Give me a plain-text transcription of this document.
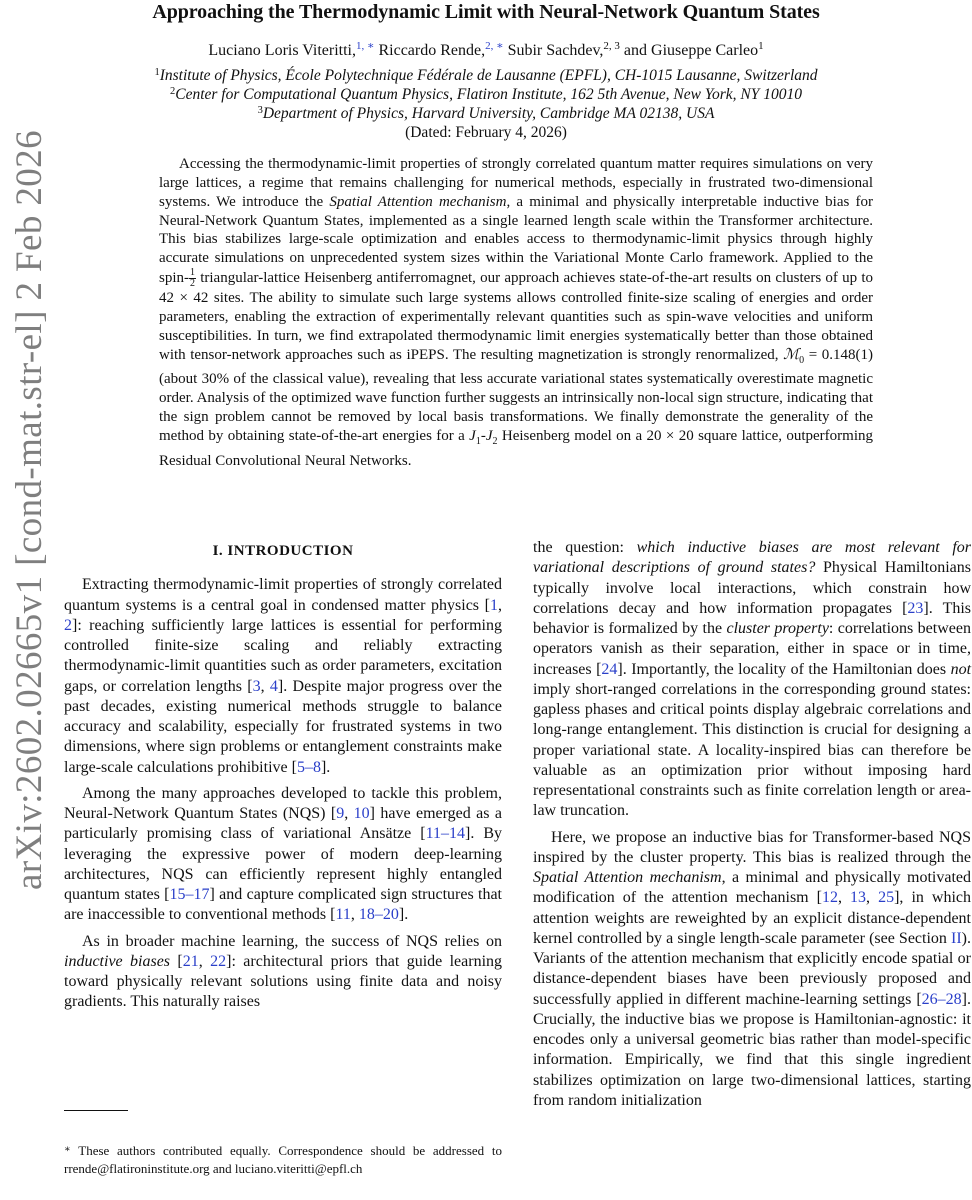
arXiv:2602.02665v1 [cond-mat.str-el] 2 Feb 2026
Approaching the Thermodynamic Limit with Neural-Network Quantum States
Luciano Loris Viteritti,$^{1, ∗}$ Riccardo Rende,$^{2, ∗}$ Subir Sachdev,$^{2, 3}$ and Giuseppe Carleo$^1$
$^1$Institute of Physics, École Polytechnique Fédérale de Lausanne (EPFL), CH-1015 Lausanne, Switzerland
$^2$Center for Computational Quantum Physics, Flatiron Institute, 162 5th Avenue, New York, NY 10010
$^3$Department of Physics, Harvard University, Cambridge MA 02138, USA
(Dated: February 4, 2026)
Accessing the thermodynamic-limit properties of strongly correlated quantum matter requires simulations on very large lattices, a regime that remains challenging for numerical methods, especially in frustrated two-dimensional systems. We introduce the Spatial Attention mechanism, a minimal and physically interpretable inductive bias for Neural-Network Quantum States, implemented as a single learned length scale within the Transformer architecture. This bias stabilizes large-scale optimization and enables access to thermodynamic-limit physics through highly accurate simulations on unprecedented system sizes within the Variational Monte Carlo framework. Applied to the spin- $\frac{1}{2}$ triangular-lattice Heisenberg antiferromagnet, our approach achieves state-of-the-art results on clusters of up to 42 × 42 sites. The ability to simulate such large systems allows controlled finite-size scaling of energies and order parameters, enabling the extraction of experimentally relevant quantities such as spin-wave velocities and uniform susceptibilities. In turn, we find extrapolated thermodynamic limit energies systematically better than those obtained with tensor-network approaches such as iPEPS. The resulting magnetization is strongly renormalized, ℳ$_0$ = 0.148(1) (about 30% of the classical value), revealing that less accurate variational states systematically overestimate magnetic order. Analysis of the optimized wave function further suggests an intrinsically non-local sign structure, indicating that the sign problem cannot be removed by local basis transformations. We finally demonstrate the generality of the method by obtaining state-of-the-art energies for a $J_1-J_2$ Heisenberg model on a 20 × 20 square lattice, outperforming Residual Convolutional Neural Networks.
I. INTRODUCTION

Extracting thermodynamic-limit properties of strongly correlated quantum systems is a central goal in condensed matter physics [1, 2]: reaching sufficiently large lattices is essential for performing controlled finite-size scaling and reliably extracting thermodynamic-limit quantities such as order parameters, excitation gaps, or correlation lengths [3, 4]. Despite major progress over the past decades, existing numerical methods struggle to balance accuracy and scalability, especially for frustrated systems in two dimensions, where sign problems or entanglement constraints make large-scale calculations prohibitive [5–8].

Among the many approaches developed to tackle this problem, Neural-Network Quantum States (NQS) [9, 10] have emerged as a particularly promising class of variational Ansätze [11–14]. By leveraging the expressive power of modern deep-learning architectures, NQS can efficiently represent highly entangled quantum states [15–17] and capture complicated sign structures that are inaccessible to conventional methods [11, 18–20].

As in broader machine learning, the success of NQS relies on inductive biases [21, 22]: architectural priors that guide learning toward physically relevant solutions using finite data and noisy gradients. This naturally raises

the question: which inductive biases are most relevant for variational descriptions of ground states? Physical Hamiltonians typically involve local interactions, which constrain how correlations decay and how information propagates [23]. This behavior is formalized by the cluster property: correlations between operators vanish as their separation, either in space or in time, increases [24]. Importantly, the locality of the Hamiltonian does not imply short-ranged correlations in the corresponding ground states: gapless phases and critical points display algebraic correlations and long-range entanglement. This distinction is crucial for designing a proper variational state. A locality-inspired bias can therefore be valuable as an optimization prior without imposing hard representational constraints such as finite correlation length or area-law truncation.

Here, we propose an inductive bias for Transformer-based NQS inspired by the cluster property. This bias is realized through the Spatial Attention mechanism, a minimal and physically motivated modification of the attention mechanism [12, 13, 25], in which attention weights are reweighted by an explicit distance-dependent kernel controlled by a single length-scale parameter (see Section II). Variants of the attention mechanism that explicitly encode spatial or distance-dependent biases have been previously proposed and successfully applied in different machine-learning settings [26–28]. Crucially, the inductive bias we propose is Hamiltonian-agnostic: it encodes only a universal geometric bias rather than model-specific information. Empirically, we find that this single ingredient stabilizes optimization on large two-dimensional lattices, starting from random initialization

∗ These authors contributed equally. Correspondence should be addressed to rrende@flatironinstitute.org and luciano.viteritti@epfl.ch
